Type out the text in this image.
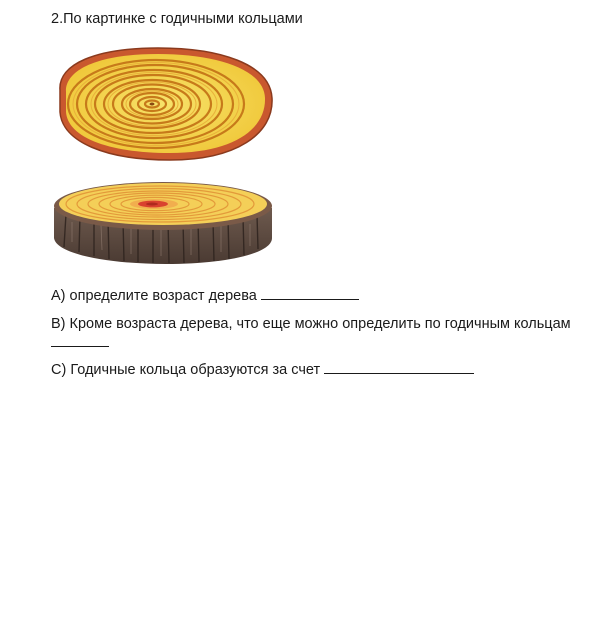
2.По картинке с годичными кольцами
А) определите возраст дерева
В) Кроме возраста дерева, что еще можно определить по годичным кольцам
С) Годичные кольца образуются за счет
